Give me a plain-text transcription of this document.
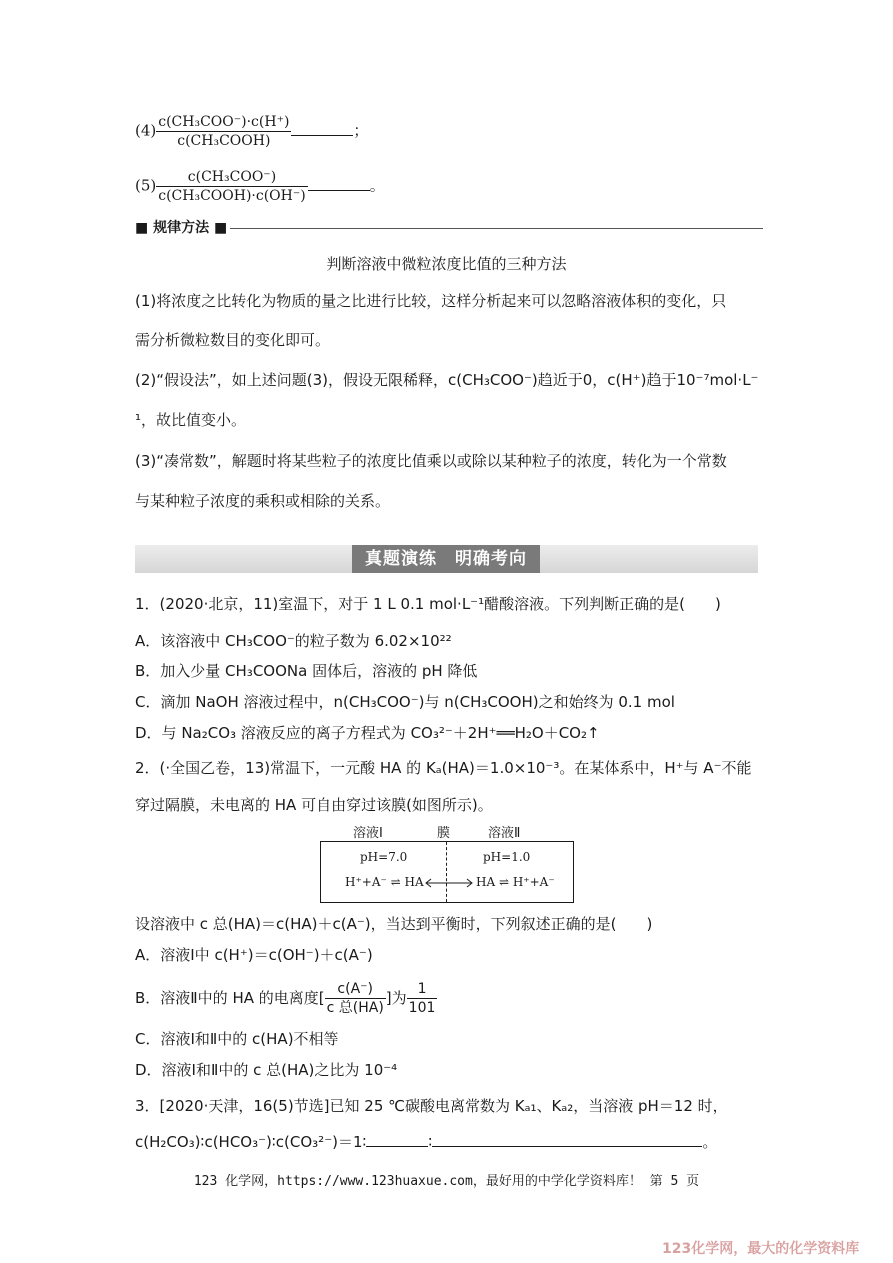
$(4) \frac{\text{c(CH₃COO⁻)·c(H⁺)}}{\text{c(CH₃COOH)}}$	；
$(5) \frac{\text{c(CH₃COO⁻)}}{\text{c(CH₃COOH)·c(OH⁻)}}$	。
■ 规律方法 ■
判断溶液中微粒浓度比值的三种方法
(1)将浓度之比转化为物质的量之比进行比较，这样分析起来可以忽略溶液体积的变化，只
需分析微粒数目的变化即可。
(2)“假设法”，如上述问题(3)，假设无限稀释，c(CH₃COO⁻)趋近于0，c(H⁺)趋于10⁻⁷mol·L⁻
¹，故比值变小。
(3)“凑常数”，解题时将某些粒子的浓度比值乘以或除以某种粒子的浓度，转化为一个常数
与某种粒子浓度的乘积或相除的关系。
真题演练　明确考向
1．(2020·北京，11)室温下，对于 1 L 0.1 mol·L⁻¹醋酸溶液。下列判断正确的是(　　)
A．该溶液中 CH₃COO⁻的粒子数为 6.02×10²²
B．加入少量 CH₃COONa 固体后，溶液的 pH 降低
C．滴加 NaOH 溶液过程中，n(CH₃COO⁻)与 n(CH₃COOH)之和始终为 0.1 mol
D．与 Na₂CO₃ 溶液反应的离子方程式为 CO₃²⁻＋2H⁺══H₂O＋CO₂↑
2．(·全国乙卷，13)常温下，一元酸 HA 的 Kₐ(HA)＝1.0×10⁻³。在某体系中，H⁺与 A⁻不能
穿过隔膜，未电离的 HA 可自由穿过该膜(如图所示)。
溶液Ⅰ	膜	溶液Ⅱ
pH=7.0	pH=1.0
H⁺+A⁻ ⇌ HA	HA ⇌ H⁺+A⁻
设溶液中 c 总(HA)＝c(HA)＋c(A⁻)，当达到平衡时，下列叙述正确的是(　　)
A．溶液Ⅰ中 c(H⁺)＝c(OH⁻)＋c(A⁻)
B．溶液Ⅱ中的 HA 的电离度[ $\frac{c(A^-)}{\text{c 总(HA)}}$ ]为 $\frac{1}{101}$
C．溶液Ⅰ和Ⅱ中的 c(HA)不相等
D．溶液Ⅰ和Ⅱ中的 c 总(HA)之比为 10⁻⁴
3．[2020·天津，16(5)节选]已知 25 ℃碳酸电离常数为 Kₐ₁、Kₐ₂，当溶液 pH＝12 时，
c(H₂CO₃)∶c(HCO₃⁻)∶c(CO₃²⁻)＝1∶	∶	。
123 化学网，https://www.123huaxue.com，最好用的中学化学资料库！ 第 5 页
123化学网，最大的化学资料库
